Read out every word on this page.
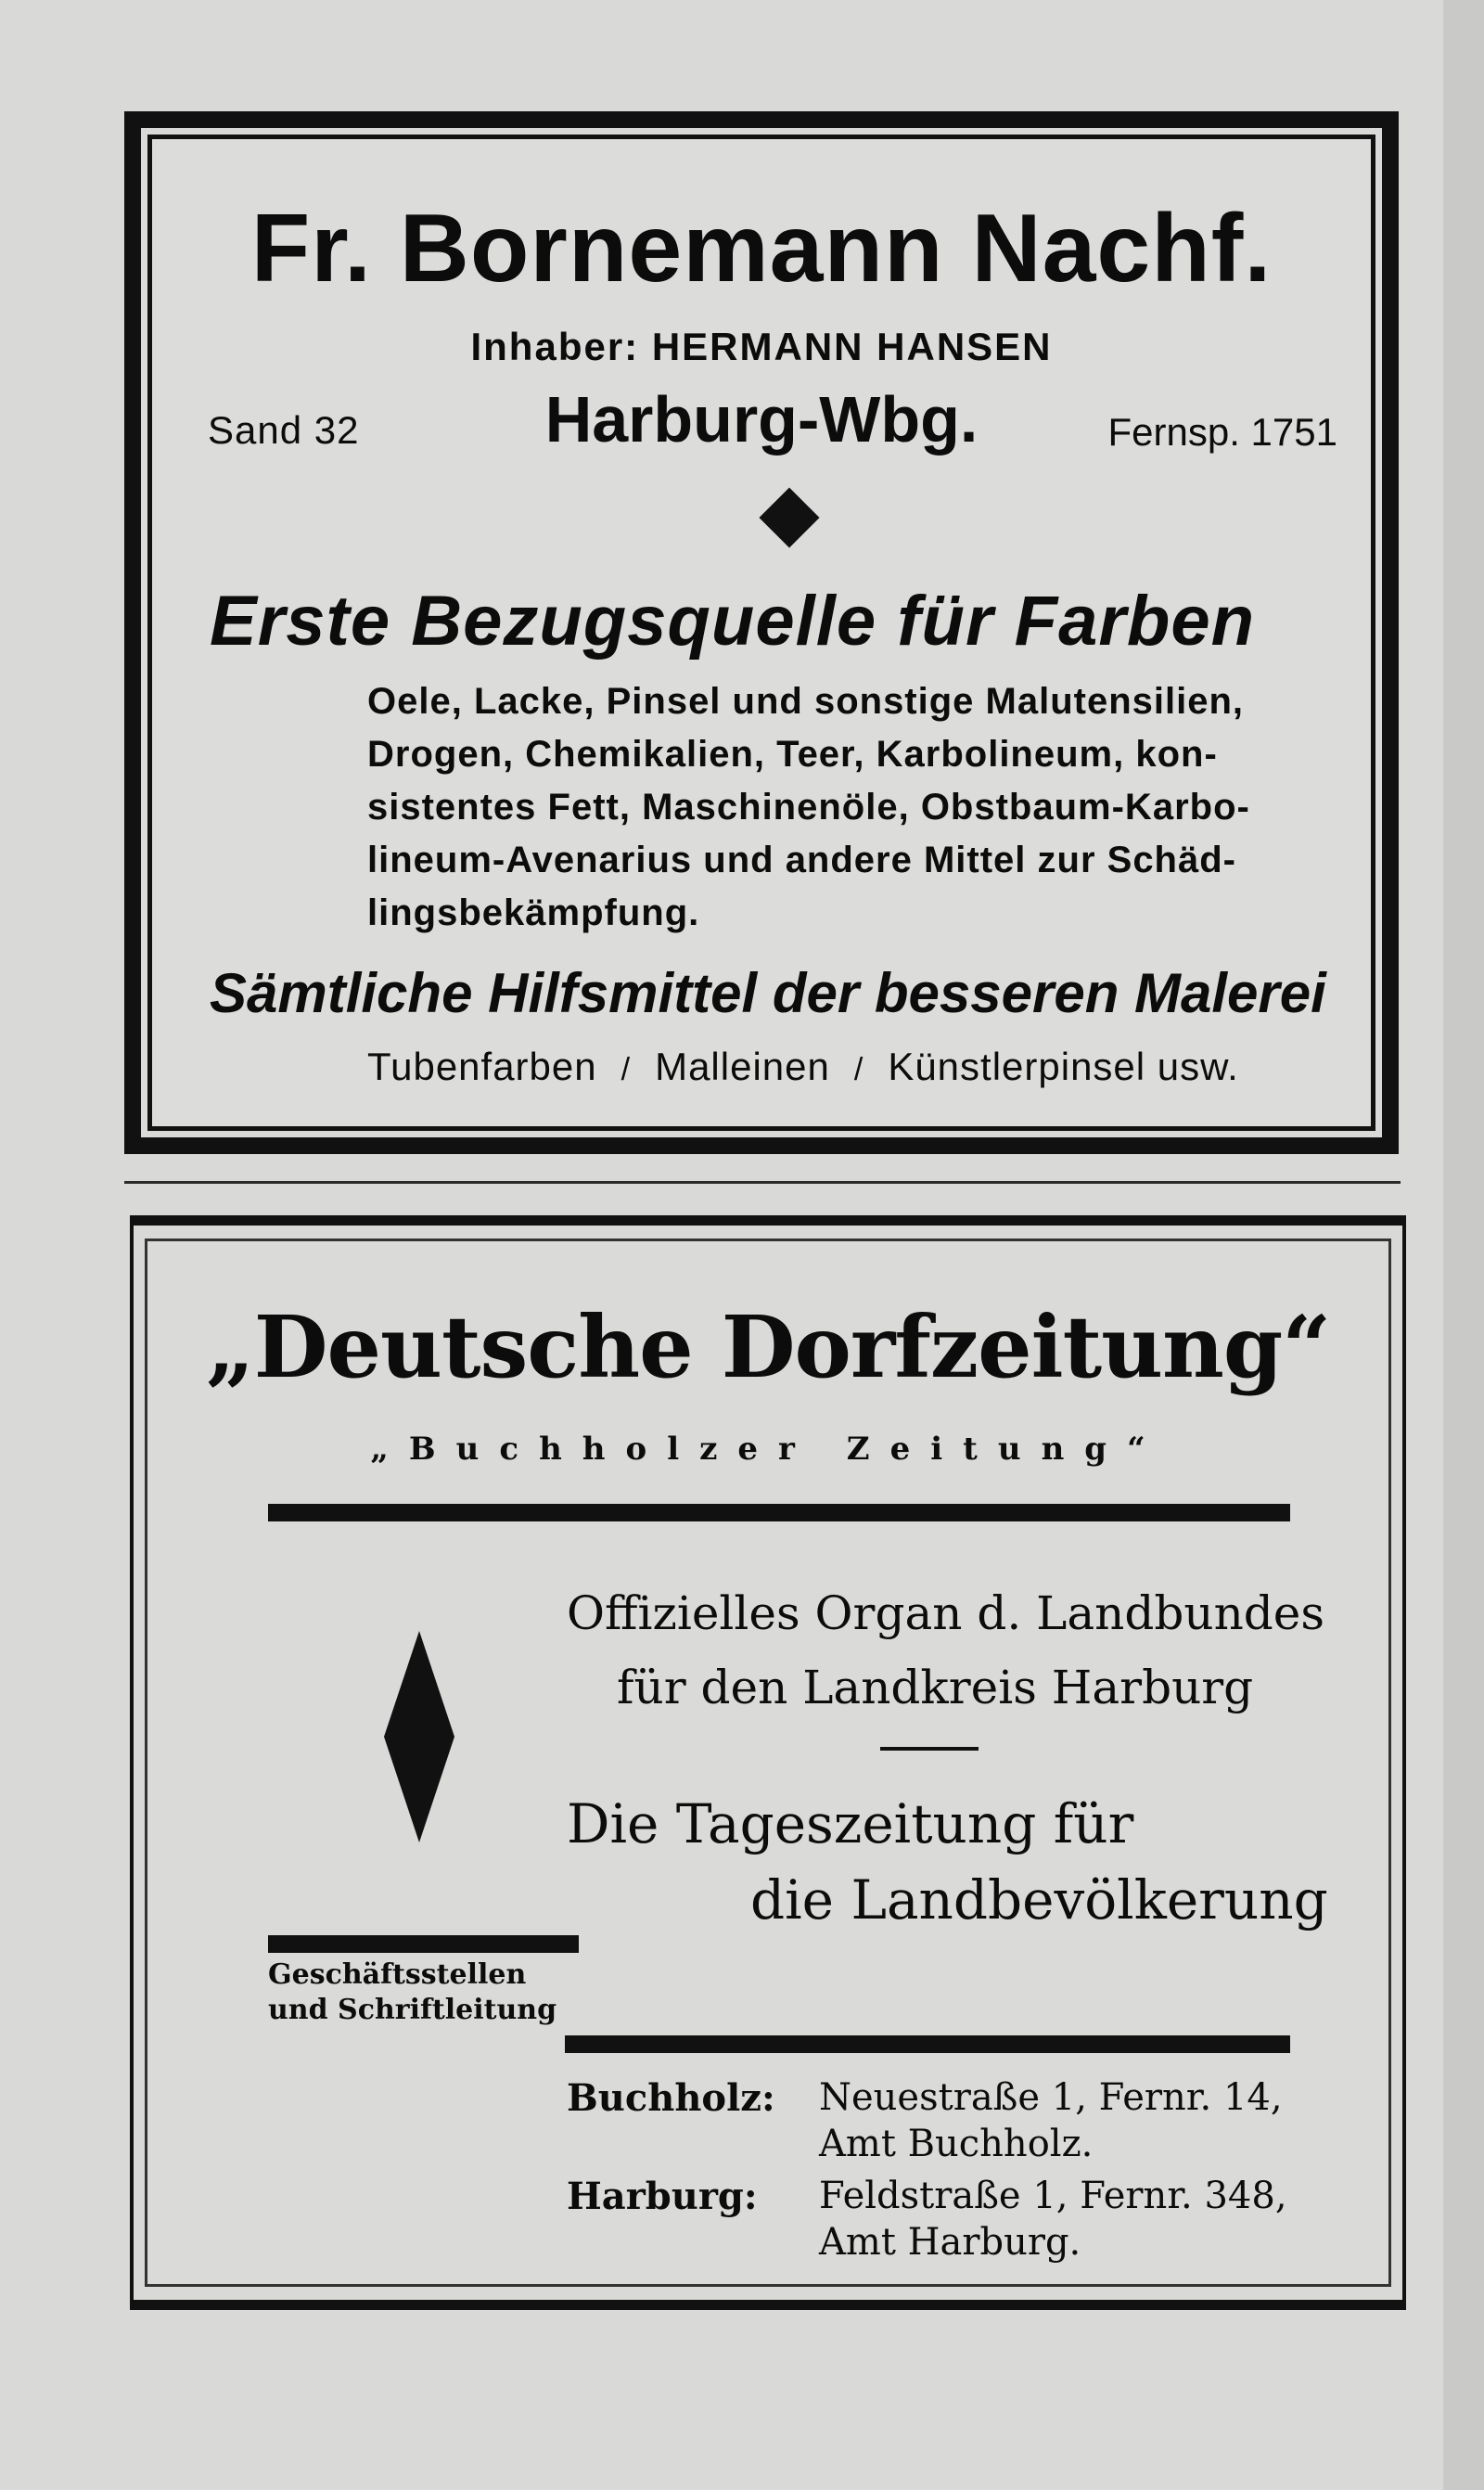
Fr. Bornemann Nachf.
Inhaber: HERMANN HANSEN
Sand 32	Harburg-Wbg.	Fernsp. 1751
Erste Bezugsquelle für Farben
Oele, Lacke, Pinsel und sonstige Malutensilien,
Drogen, Chemikalien, Teer, Karbolineum, kon-
sistentes Fett, Maschinenöle, Obstbaum-Karbo-
lineum-Avenarius und andere Mittel zur Schäd-
lingsbekämpfung.
Sämtliche Hilfsmittel der besseren Malerei
Tubenfarben / Malleinen / Künstlerpinsel usw.
„Deutsche Dorfzeitung“
„Buchholzer Zeitung“
Offizielles Organ d. Landbundes
für den Landkreis Harburg
Die Tageszeitung für
die Landbevölkerung
Geschäftsstellen
und Schriftleitung
Buchholz: Neuestraße 1, Fernr. 14,
Amt Buchholz.
Harburg: Feldstraße 1, Fernr. 348,
Amt Harburg.
